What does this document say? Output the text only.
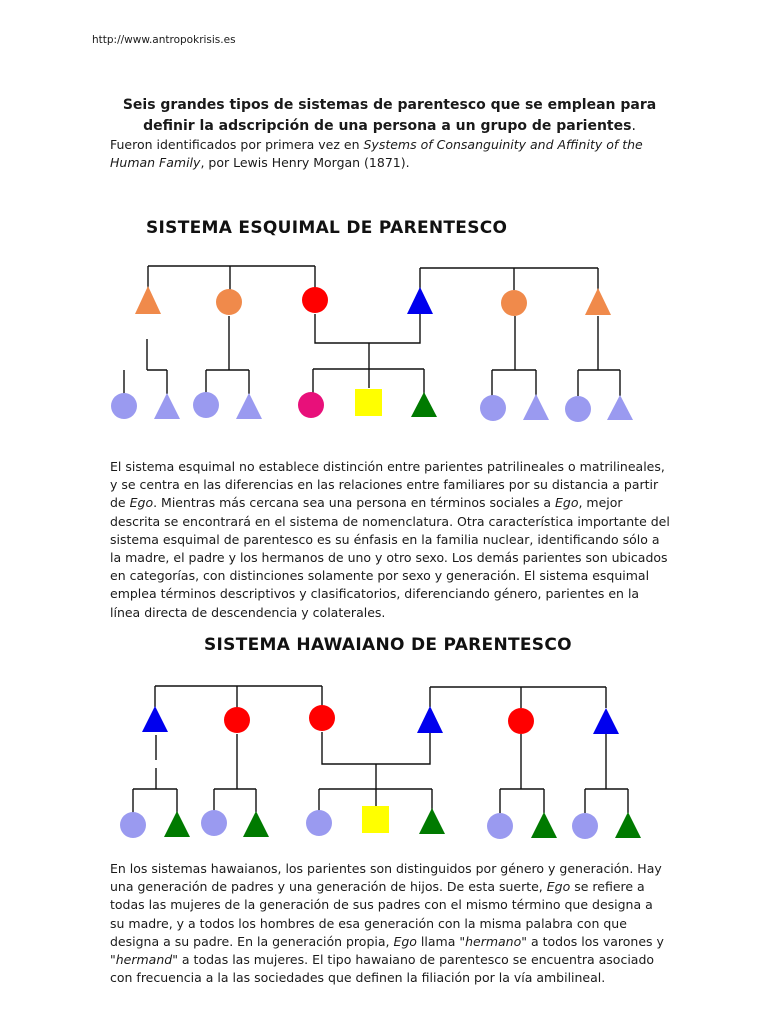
http://www.antropokrisis.es
Seis grandes tipos de sistemas de parentesco que se emplean para
definir la adscripción de una persona a un grupo de parientes.
Fueron identificados por primera vez en Systems of Consanguinity and Affinity of the Human Family, por Lewis Henry Morgan (1871).
SISTEMA ESQUIMAL DE PARENTESCO
El sistema esquimal no establece distinción entre parientes patrilineales o matrilineales, y se centra en las diferencias en las relaciones entre familiares por su distancia a partir de Ego. Mientras más cercana sea una persona en términos sociales a Ego, mejor descrita se encontrará en el sistema de nomenclatura. Otra característica importante del sistema esquimal de parentesco es su énfasis en la familia nuclear, identificando sólo a la madre, el padre y los hermanos de uno y otro sexo. Los demás parientes son ubicados en categorías, con distinciones solamente por sexo y generación. El sistema esquimal emplea términos descriptivos y clasificatorios, diferenciando género, parientes en la línea directa de descendencia y colaterales.
SISTEMA HAWAIANO DE PARENTESCO
En los sistemas hawaianos, los parientes son distinguidos por género y generación. Hay una generación de padres y una generación de hijos. De esta suerte, Ego se refiere a todas las mujeres de la generación de sus padres con el mismo término que designa a su madre, y a todos los hombres de esa generación con la misma palabra con que designa a su padre. En la generación propia, Ego llama "hermano" a todos los varones y "hermand" a todas las mujeres. El tipo hawaiano de parentesco se encuentra asociado con frecuencia a la las sociedades que definen la filiación por la vía ambilineal.
